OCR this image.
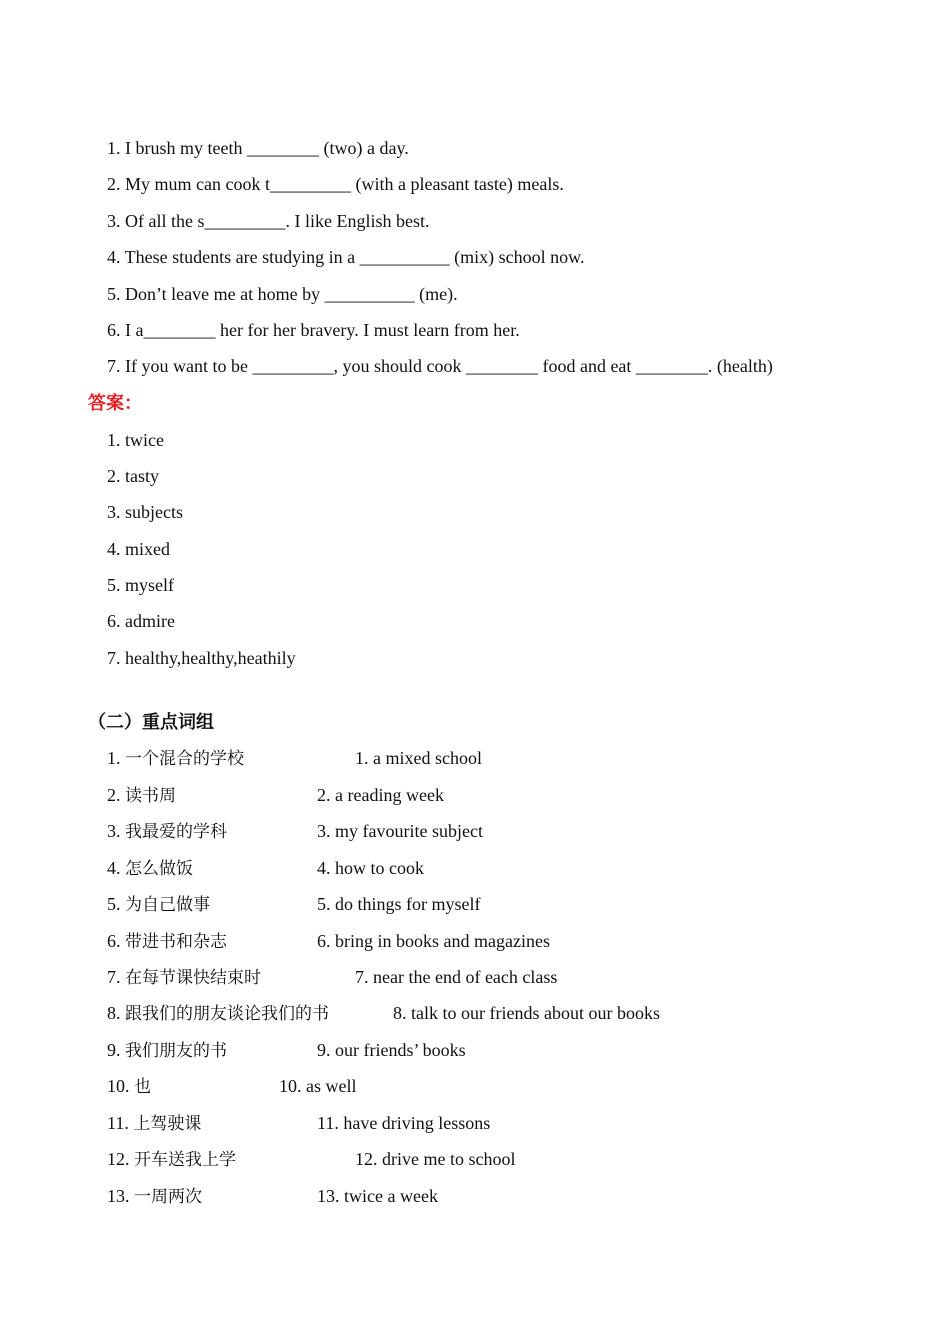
1. I brush my teeth ________ (two) a day.
2. My mum can cook t_________ (with a pleasant taste) meals.
3. Of all the s_________. I like English best.
4. These students are studying in a __________ (mix) school now.
5. Don’t leave me at home by __________ (me).
6. I a________ her for her bravery. I must learn from her.
7. If you want to be _________, you should cook ________ food and eat ________. (health)
答案：
1. twice
2. tasty
3. subjects
4. mixed
5. myself
6. admire
7. healthy,healthy,heathily
（二）重点词组
1. 一个混合的学校	1. a mixed school
2. 读书周	2. a reading week
3. 我最爱的学科	3. my favourite subject
4. 怎么做饭	4. how to cook
5. 为自己做事	5. do things for myself
6. 带进书和杂志	6. bring in books and magazines
7. 在每节课快结束时	7. near the end of each class
8. 跟我们的朋友谈论我们的书	8. talk to our friends about our books
9. 我们朋友的书	9. our friends’ books
10. 也	10. as well
11. 上驾驶课	11. have driving lessons
12. 开车送我上学	12. drive me to school
13. 一周两次	13. twice a week
